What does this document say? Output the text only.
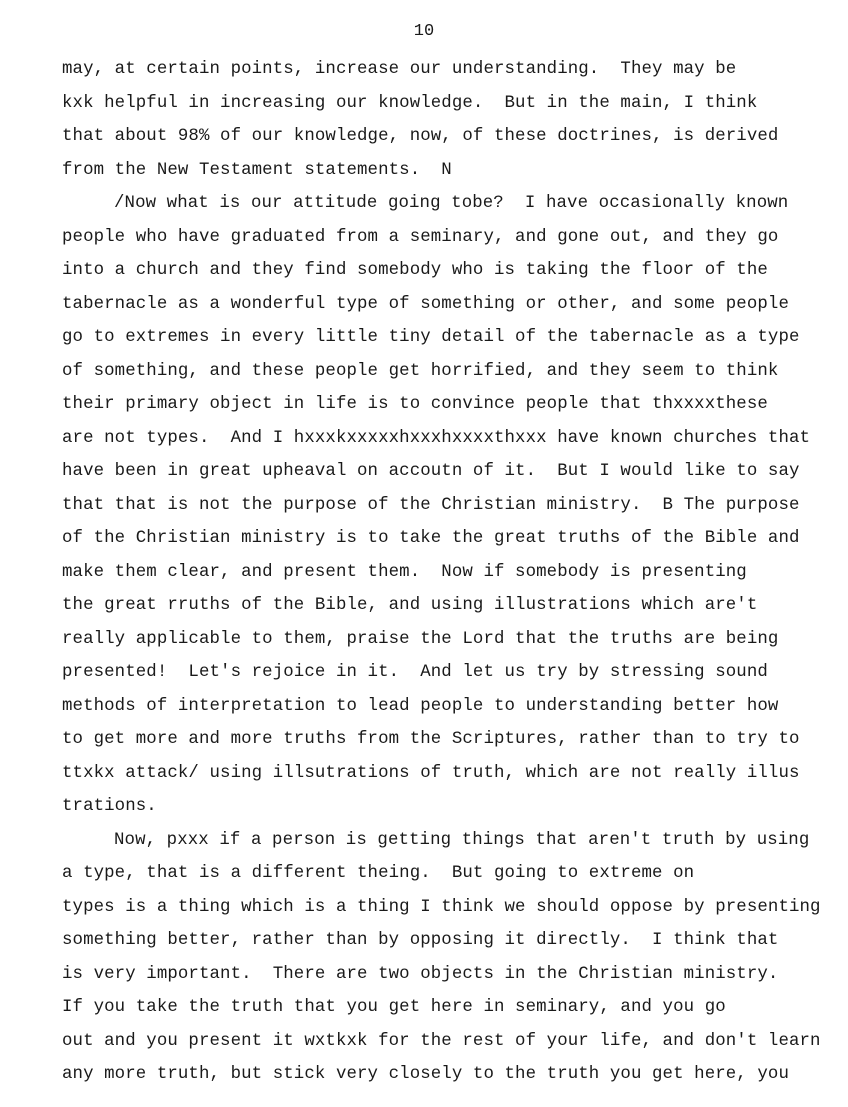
10
may, at certain points, increase our understanding.  They may be
kxk helpful in increasing our knowledge.  But in the main, I think
that about 98% of our knowledge, now, of these doctrines, is derived
from the New Testament statements.  N
/Now what is our attitude going tobe?  I have occasionally known
people who have graduated from a seminary, and gone out, and they go
into a church and they find somebody who is taking the floor of the
tabernacle as a wonderful type of something or other, and some people
go to extremes in every little tiny detail of the tabernacle as a type
of something, and these people get horrified, and they seem to think
their primary object in life is to convince people that thxxxxthese
are not types.  And I hxxxkxxxxxhxxxhxxxxthxxx have known churches that
have been in great upheaval on accoutn of it.  But I would like to say
that that is not the purpose of the Christian ministry.  B The purpose
of the Christian ministry is to take the great truths of the Bible and
make them clear, and present them.  Now if somebody is presenting
the great rruths of the Bible, and using illustrations which are't
really applicable to them, praise the Lord that the truths are being
presented!  Let's rejoice in it.  And let us try by stressing sound
methods of interpretation to lead people to understanding better how
to get more and more truths from the Scriptures, rather than to try to
ttxkx attack/ using illsutrations of truth, which are not really illus
trations.
Now, pxxx if a person is getting things that aren't truth by using
a type, that is a different theing.  But going to extreme on
types is a thing which is a thing I think we should oppose by presenting
something better, rather than by opposing it directly.  I think that
is very important.  There are two objects in the Christian ministry.
If you take the truth that you get here in seminary, and you go
out and you present it wxtkxk for the rest of your life, and don't learn
any more truth, but stick very closely to the truth you get here, you
